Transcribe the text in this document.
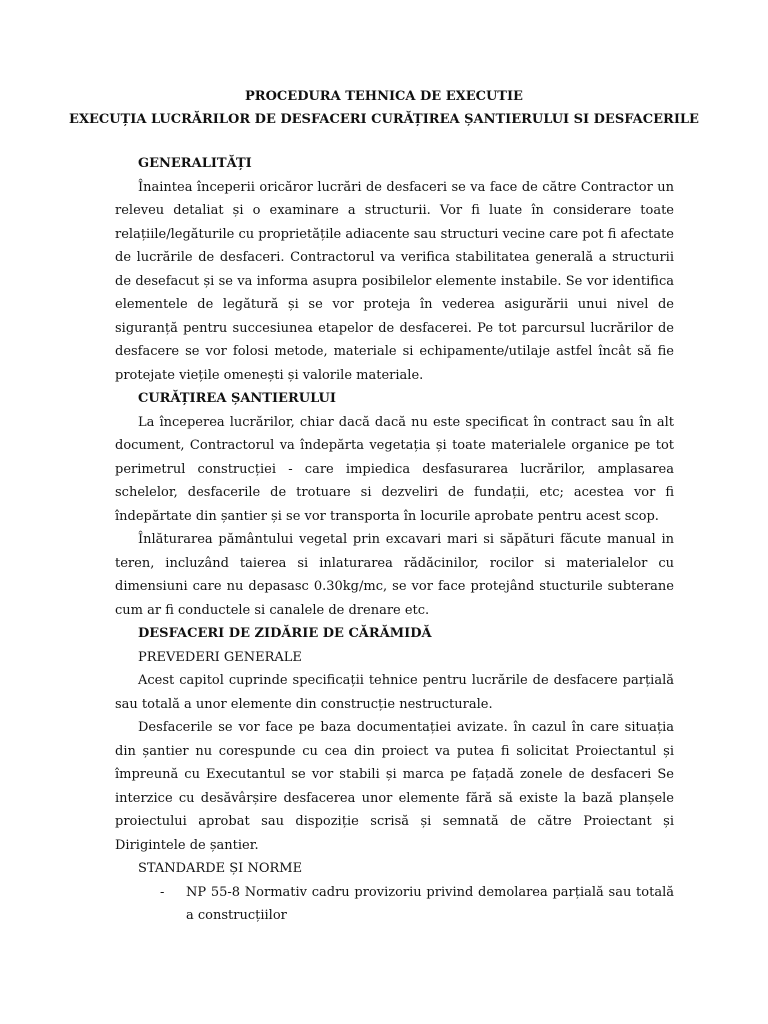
PROCEDURA TEHNICA DE EXECUTIE
EXECUȚIA LUCRĂRILOR DE DESFACERI CURĂȚIREA ȘANTIERULUI SI DESFACERILE
GENERALITĂȚI
Înaintea începerii oricăror lucrări de desfaceri se va face de către Contractor un releveu detaliat și o examinare a structurii. Vor fi luate în considerare toate relațiile/legăturile cu proprietățile adiacente sau structuri vecine care pot fi afectate de lucrările de desfaceri. Contractorul va verifica stabilitatea generală a structurii de desefacut și se va informa asupra posibilelor elemente instabile. Se vor identifica elementele de legătură și se vor proteja în vederea asigurării unui nivel de siguranță pentru succesiunea etapelor de desfacerei. Pe tot parcursul lucrărilor de desfacere se vor folosi metode, materiale si echipamente/utilaje astfel încât să fie protejate viețile omenești și valorile materiale.
CURĂȚIREA ȘANTIERULUI
La începerea lucrărilor, chiar dacă dacă nu este specificat în contract sau în alt document, Contractorul va îndepărta vegetația și toate materialele organice pe tot perimetrul construcției - care impiedica desfasurarea lucrărilor, amplasarea schelelor, desfacerile de trotuare si dezveliri de fundații, etc; acestea vor fi îndepărtate din șantier și se vor transporta în locurile aprobate pentru acest scop.
Înlăturarea pământului vegetal prin excavari mari si săpături făcute manual in teren, incluzând taierea si inlaturarea rădăcinilor, rocilor si materialelor cu dimensiuni care nu depasasc 0.30kg/mc, se vor face protejând stucturile subterane cum ar fi conductele si canalele de drenare etc.
DESFACERI DE ZIDĂRIE DE CĂRĂMIDĂ
PREVEDERI GENERALE
Acest capitol cuprinde specificații tehnice pentru lucrările de desfacere parțială sau totală a unor elemente din construcție nestructurale.
Desfacerile se vor face pe baza documentației avizate. în cazul în care situația din șantier nu corespunde cu cea din proiect va putea fi solicitat Proiectantul și împreună cu Executantul se vor stabili și marca pe fațadă zonele de desfaceri Se interzice cu desăvârșire desfacerea unor elemente fără să existe la bază planșele proiectului aprobat sau dispoziție scrisă și semnată de către Proiectant și Dirigintele de șantier.
STANDARDE ȘI NORME
- NP 55-8 Normativ cadru provizoriu privind demolarea parțială sau totală a construcțiilor
